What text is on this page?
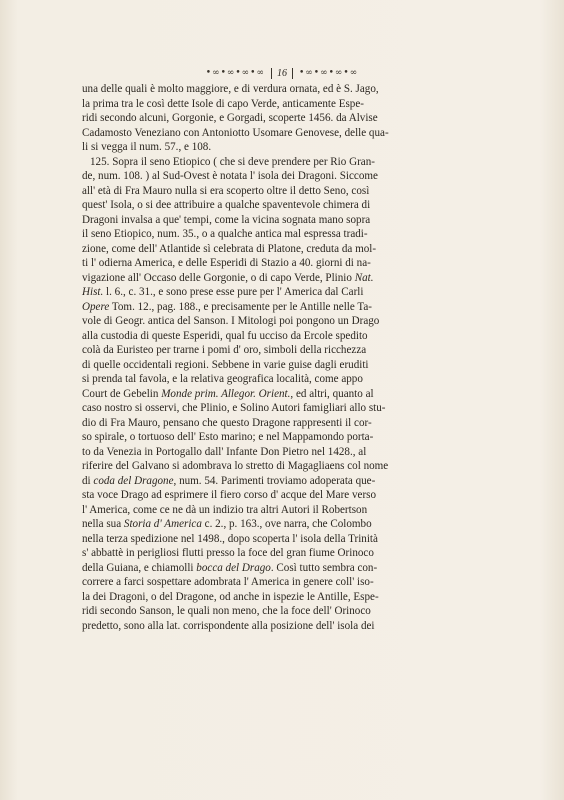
•∞•∞•∞•∞	16	•∞•∞•∞•∞
una delle quali è molto maggiore, e di verdura ornata, ed è S. Jago,
la prima tra le così dette Isole di capo Verde, anticamente Espe-
ridi secondo alcuni, Gorgonie, e Gorgadi, scoperte 1456. da Alvise
Cadamosto Veneziano con Antoniotto Usomare Genovese, delle qua-
li si vegga il num. 57., e 108.
125. Sopra il seno Etiopico ( che si deve prendere per Rio Gran-
de, num. 108. ) al Sud-Ovest è notata l' isola dei Dragoni. Siccome
all' età di Fra Mauro nulla si era scoperto oltre il detto Seno, così
quest' Isola, o si dee attribuire a qualche spaventevole chimera di
Dragoni invalsa a que' tempi, come la vicina sognata mano sopra
il seno Etiopico, num. 35., o a qualche antica mal espressa tradi-
zione, come dell' Atlantide sì celebrata di Platone, creduta da mol-
ti l' odierna America, e delle Esperidi di Stazio a 40. giorni di na-
vigazione all' Occaso delle Gorgonie, o di capo Verde, Plinio Nat.
Hist. l. 6., c. 31., e sono prese esse pure per l' America dal Carli
Opere Tom. 12., pag. 188., e precisamente per le Antille nelle Ta-
vole di Geogr. antica del Sanson. I Mitologi poi pongono un Drago
alla custodia di queste Esperidi, qual fu ucciso da Ercole spedito
colà da Euristeo per trarne i pomi d' oro, simboli della ricchezza
di quelle occidentali regioni. Sebbene in varie guise dagli eruditi
si prenda tal favola, e la relativa geografica località, come appo
Court de Gebelin Monde prim. Allegor. Orient., ed altri, quanto al
caso nostro si osservi, che Plinio, e Solino Autori famigliari allo stu-
dio di Fra Mauro, pensano che questo Dragone rappresenti il cor-
so spirale, o tortuoso dell' Esto marino; e nel Mappamondo porta-
to da Venezia in Portogallo dall' Infante Don Pietro nel 1428., al
riferire del Galvano si adombrava lo stretto di Magagliaens col nome
di coda del Dragone, num. 54. Parimenti troviamo adoperata que-
sta voce Drago ad esprimere il fiero corso d' acque del Mare verso
l' America, come ce ne dà un indizio tra altri Autori il Robertson
nella sua Storia d' America c. 2., p. 163., ove narra, che Colombo
nella terza spedizione nel 1498., dopo scoperta l' isola della Trinità
s' abbattè in perigliosi flutti presso la foce del gran fiume Orinoco
della Guiana, e chiamolli bocca del Drago. Così tutto sembra con-
correre a farci sospettare adombrata l' America in genere coll' iso-
la dei Dragoni, o del Dragone, od anche in ispezie le Antille, Espe-
ridi secondo Sanson, le quali non meno, che la foce dell' Orinoco
predetto, sono alla lat. corrispondente alla posizione dell' isola dei
